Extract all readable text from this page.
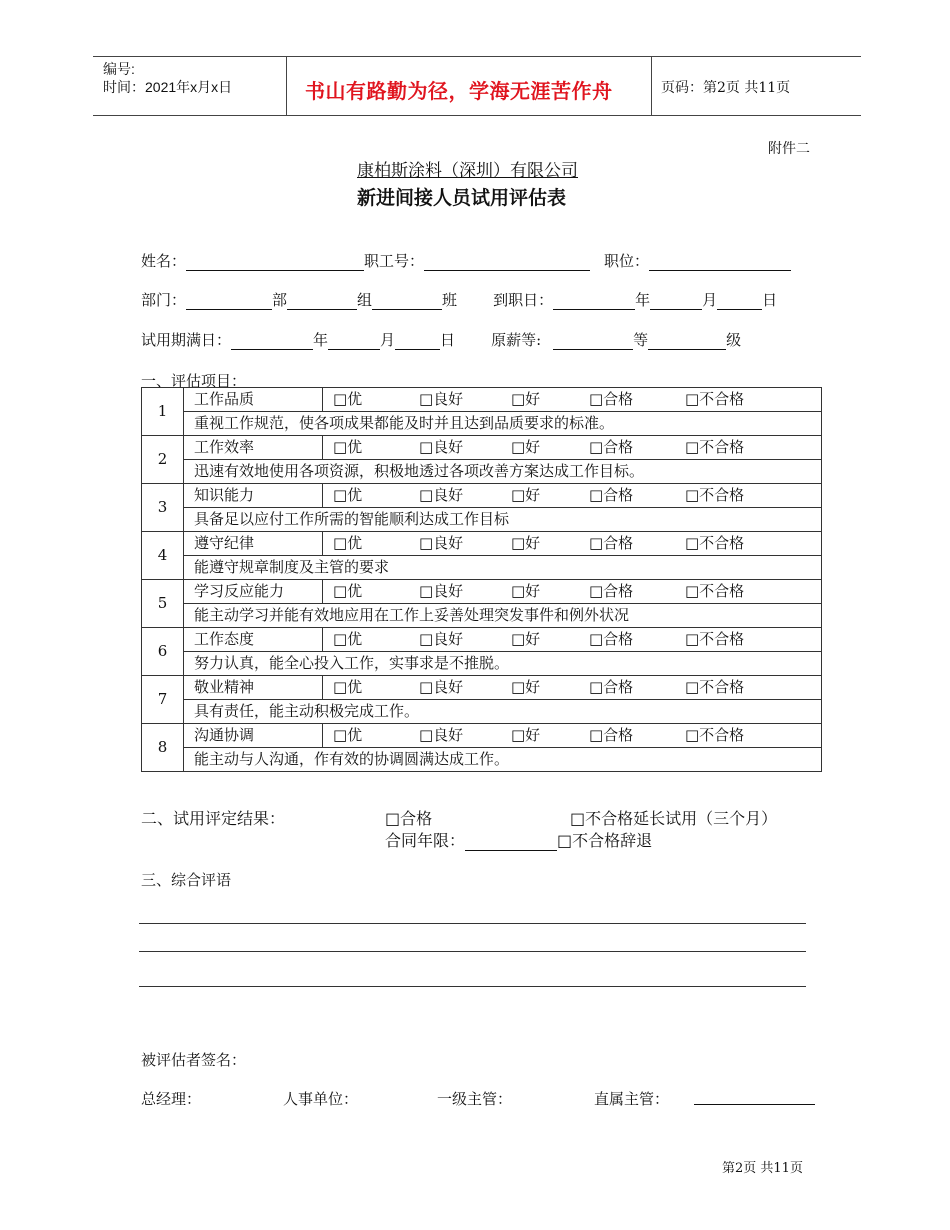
编号:
时间：2021年x月x日	书山有路勤为径，学海无涯苦作舟	页码：第2页 共11页
附件二
康柏斯涂料（深圳）有限公司
新进间接人员试用评估表
姓名：	职工号：	职位：
部门：	部	组	班 到职日：	年	月	日
试用期满日：	年	月	日 原薪等:	等	级
一、评估项目：
1	工作品质	□优 □良好 □好 □合格 □不合格
	重视工作规范，使各项成果都能及时并且达到品质要求的标准。	
2	工作效率	□优 □良好 □好 □合格 □不合格
	迅速有效地使用各项资源，积极地透过各项改善方案达成工作目标。	
3	知识能力	□优 □良好 □好 □合格 □不合格
	具备足以应付工作所需的智能顺利达成工作目标	
4	遵守纪律	□优 □良好 □好 □合格 □不合格
	能遵守规章制度及主管的要求	
5	学习反应能力	□优 □良好 □好 □合格 □不合格
	能主动学习并能有效地应用在工作上妥善处理突发事件和例外状况	
6	工作态度	□优 □良好 □好 □合格 □不合格
	努力认真，能全心投入工作，实事求是不推脱。	
7	敬业精神	□优 □良好 □好 □合格 □不合格
	具有责任，能主动积极完成工作。	
8	沟通协调	□优 □良好 □好 □合格 □不合格
	能主动与人沟通，作有效的协调圆满达成工作。	
二、试用评定结果：	□合格	□不合格延长试用（三个月）
合同年限：	□不合格辞退
三、综合评语
被评估者签名：
总经理：	人事单位：	一级主管：	直属主管：
第2页 共11页
